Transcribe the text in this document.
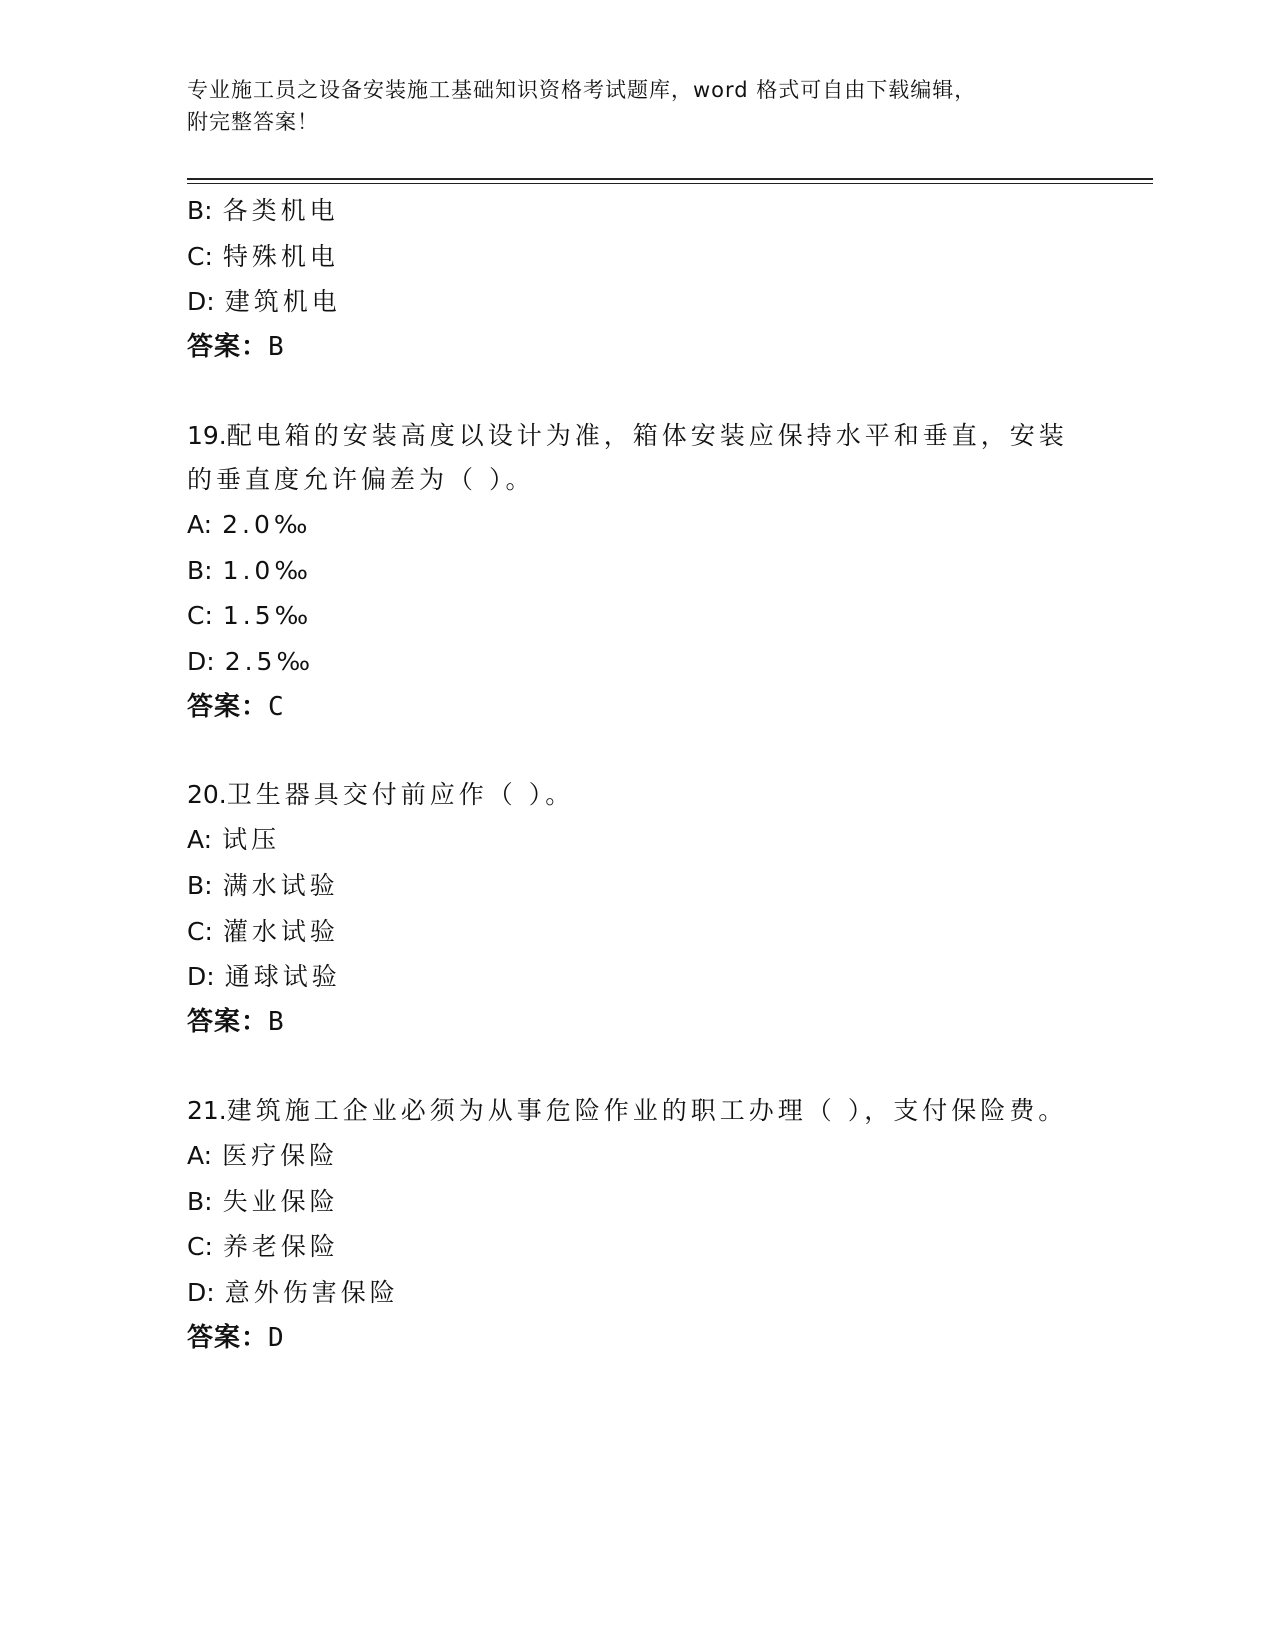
专业施工员之设备安装施工基础知识资格考试题库，word 格式可自由下载编辑，
附完整答案！
B: 各类机电
C: 特殊机电
D: 建筑机电
答案：B
19.配电箱的安装高度以设计为准，箱体安装应保持水平和垂直，安装的垂直度允许偏差为（ ）。
A: 2.0‰
B: 1.0‰
C: 1.5‰
D: 2.5‰
答案：C
20.卫生器具交付前应作（ ）。
A: 试压
B: 满水试验
C: 灌水试验
D: 通球试验
答案：B
21.建筑施工企业必须为从事危险作业的职工办理（ ），支付保险费。
A: 医疗保险
B: 失业保险
C: 养老保险
D: 意外伤害保险
答案：D
